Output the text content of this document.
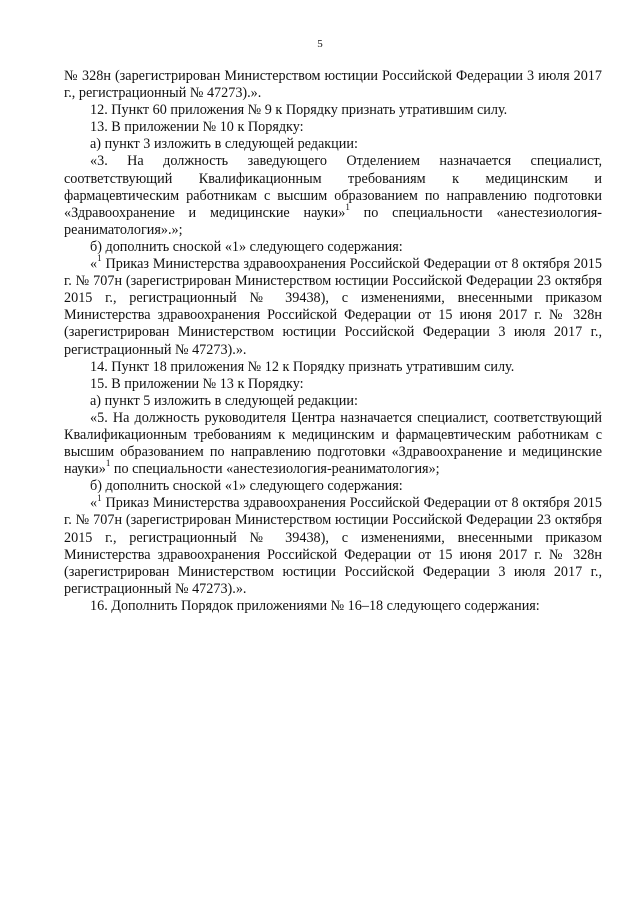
5

№ 328н (зарегистрирован Министерством юстиции Российской Федерации 3 июля 2017 г., регистрационный № 47273).».

12. Пункт 60 приложения № 9 к Порядку признать утратившим силу.

13. В приложении № 10 к Порядку:

а) пункт 3 изложить в следующей редакции:

«3. На должность заведующего Отделением назначается специалист, соответствующий Квалификационным требованиям к медицинским и фармацевтическим работникам с высшим образованием по направлению подготовки «Здравоохранение и медицинские науки»$^1$ по специальности «анестезиология-реаниматология».»;

б) дополнить сноской «1» следующего содержания:

«$^1$ Приказ Министерства здравоохранения Российской Федерации от 8 октября 2015 г. № 707н (зарегистрирован Министерством юстиции Российской Федерации 23 октября 2015 г., регистрационный № 39438), с изменениями, внесенными приказом Министерства здравоохранения Российской Федерации от 15 июня 2017 г. № 328н (зарегистрирован Министерством юстиции Российской Федерации 3 июля 2017 г., регистрационный № 47273).».

14. Пункт 18 приложения № 12 к Порядку признать утратившим силу.

15. В приложении № 13 к Порядку:

а) пункт 5 изложить в следующей редакции:

«5. На должность руководителя Центра назначается специалист, соответствующий Квалификационным требованиям к медицинским и фармацевтическим работникам с высшим образованием по направлению подготовки «Здравоохранение и медицинские науки»$^1$ по специальности «анестезиология-реаниматология»;

б) дополнить сноской «1» следующего содержания:

«$^1$ Приказ Министерства здравоохранения Российской Федерации от 8 октября 2015 г. № 707н (зарегистрирован Министерством юстиции Российской Федерации 23 октября 2015 г., регистрационный № 39438), с изменениями, внесенными приказом Министерства здравоохранения Российской Федерации от 15 июня 2017 г. № 328н (зарегистрирован Министерством юстиции Российской Федерации 3 июля 2017 г., регистрационный № 47273).».

16. Дополнить Порядок приложениями № 16–18 следующего содержания:
